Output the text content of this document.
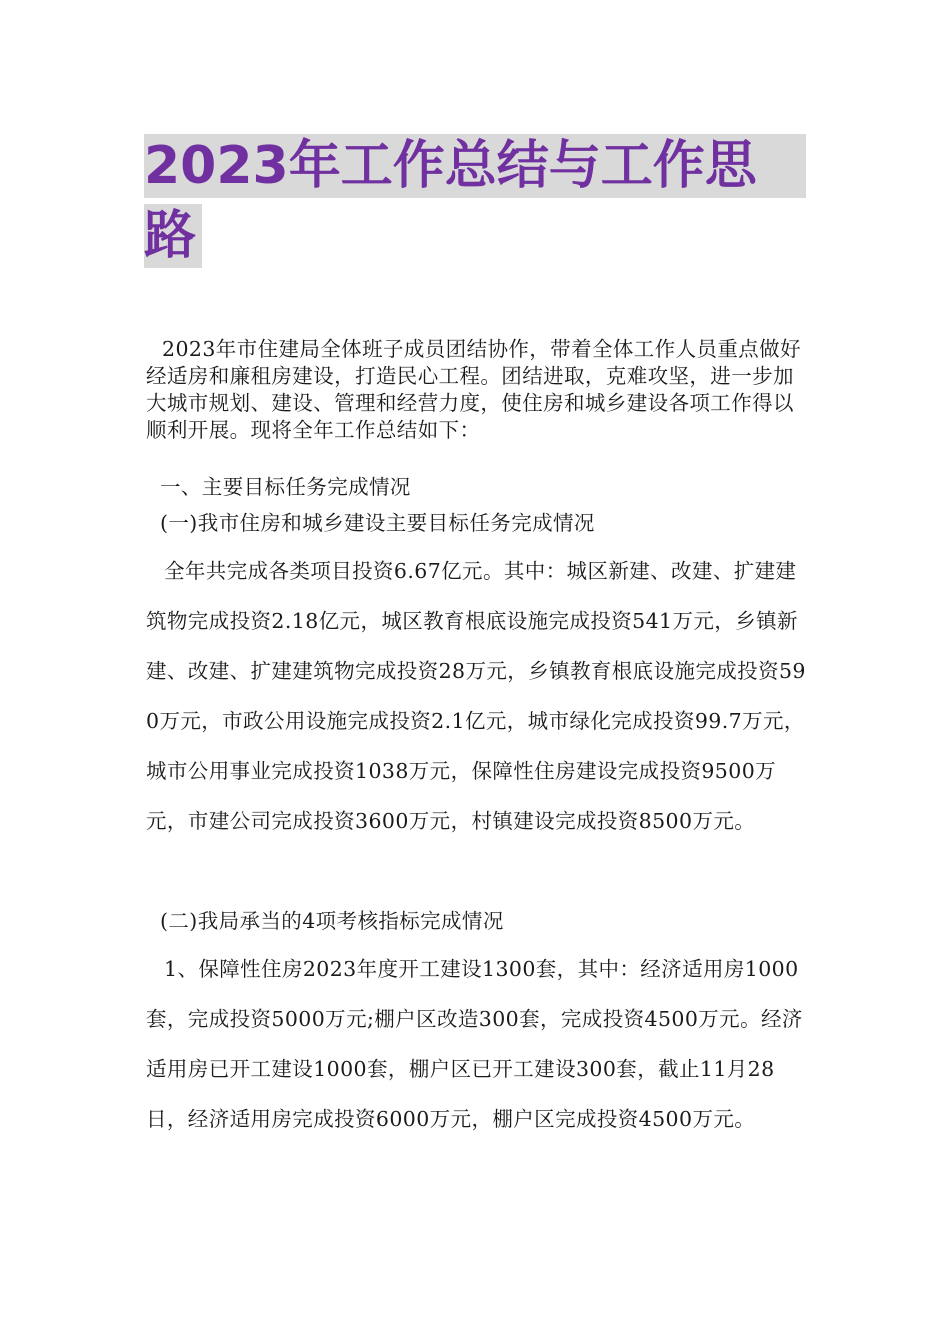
2023年工作总结与工作思
路
2023年市住建局全体班子成员团结协作，带着全体工作人员重点做好经适房和廉租房建设，打造民心工程。团结进取，克难攻坚，进一步加大城市规划、建设、管理和经营力度，使住房和城乡建设各项工作得以顺利开展。现将全年工作总结如下：
一、主要目标任务完成情况
(一)我市住房和城乡建设主要目标任务完成情况
全年共完成各类项目投资6.67亿元。其中：城区新建、改建、扩建建筑物完成投资2.18亿元，城区教育根底设施完成投资541万元，乡镇新建、改建、扩建建筑物完成投资28万元，乡镇教育根底设施完成投资590万元，市政公用设施完成投资2.1亿元，城市绿化完成投资99.7万元，城市公用事业完成投资1038万元，保障性住房建设完成投资9500万元，市建公司完成投资3600万元，村镇建设完成投资8500万元。
(二)我局承当的4项考核指标完成情况
1、保障性住房2023年度开工建设1300套，其中：经济适用房1000套，完成投资5000万元;棚户区改造300套，完成投资4500万元。经济适用房已开工建设1000套，棚户区已开工建设300套，截止11月28日，经济适用房完成投资6000万元，棚户区完成投资4500万元。
